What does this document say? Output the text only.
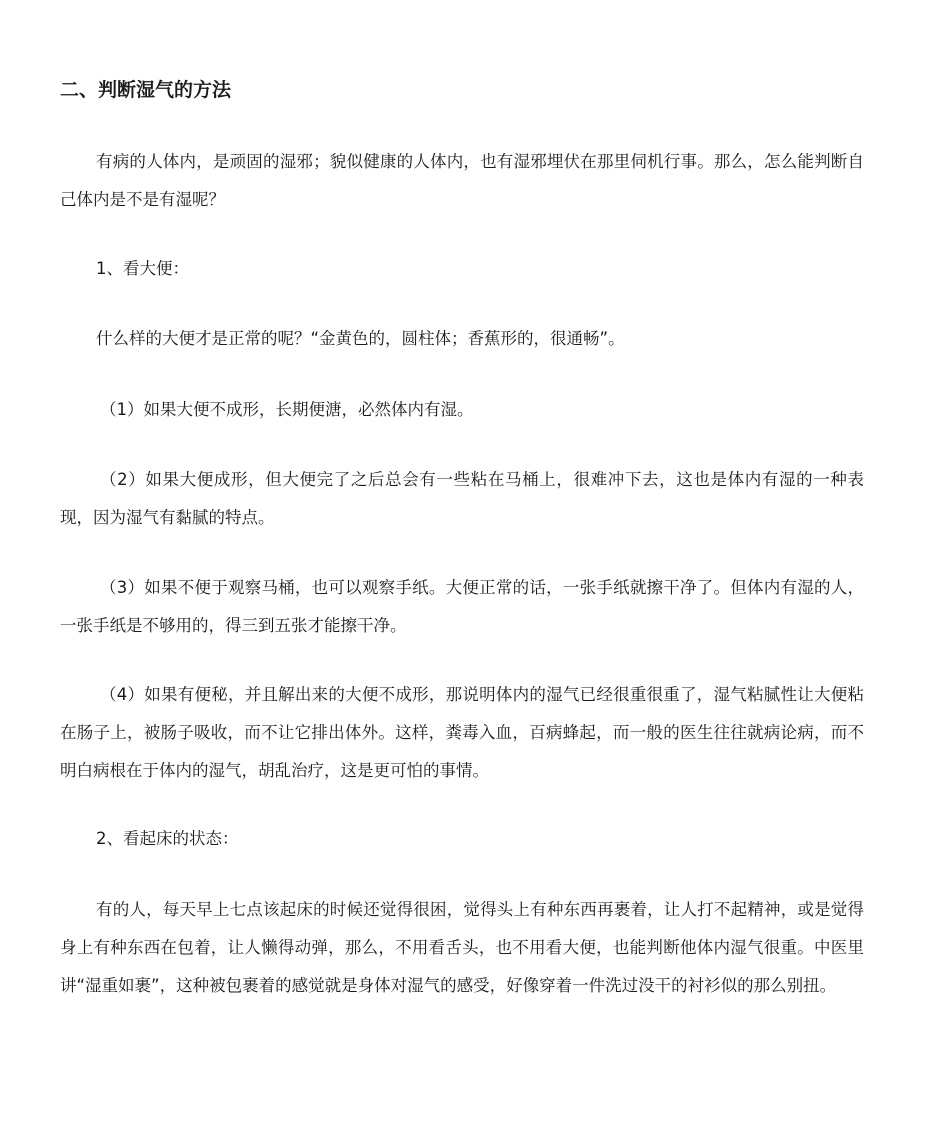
二、判断湿气的方法

有病的人体内，是顽固的湿邪；貌似健康的人体内，也有湿邪埋伏在那里伺机行事。那么，怎么能判断自己体内是不是有湿呢？

1、看大便：

什么样的大便才是正常的呢？“金黄色的，圆柱体；香蕉形的，很通畅”。

（1）如果大便不成形，长期便溏，必然体内有湿。

（2）如果大便成形，但大便完了之后总会有一些粘在马桶上，很难冲下去，这也是体内有湿的一种表现，因为湿气有黏腻的特点。

（3）如果不便于观察马桶，也可以观察手纸。大便正常的话，一张手纸就擦干净了。但体内有湿的人，一张手纸是不够用的，得三到五张才能擦干净。

（4）如果有便秘，并且解出来的大便不成形，那说明体内的湿气已经很重很重了，湿气粘腻性让大便粘在肠子上，被肠子吸收，而不让它排出体外。这样，粪毒入血，百病蜂起，而一般的医生往往就病论病，而不明白病根在于体内的湿气，胡乱治疗，这是更可怕的事情。

2、看起床的状态：

有的人，每天早上七点该起床的时候还觉得很困，觉得头上有种东西再裹着，让人打不起精神，或是觉得身上有种东西在包着，让人懒得动弹，那么，不用看舌头，也不用看大便，也能判断他体内湿气很重。中医里讲“湿重如裹”，这种被包裹着的感觉就是身体对湿气的感受，好像穿着一件洗过没干的衬衫似的那么别扭。
